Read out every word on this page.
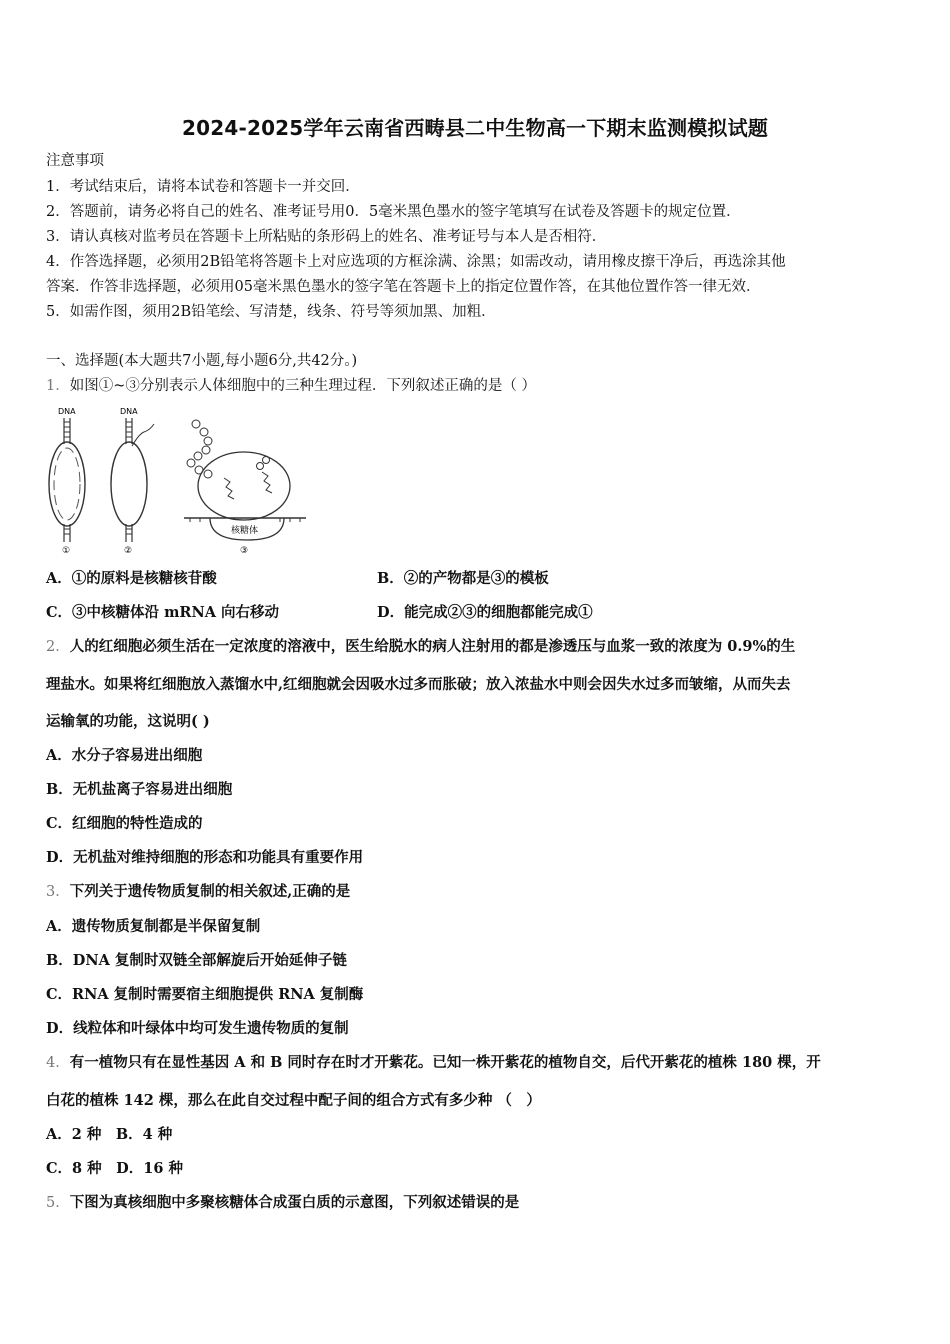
2024-2025学年云南省西畴县二中生物高一下期末监测模拟试题
注意事项
1．考试结束后，请将本试卷和答题卡一并交回．
2．答题前，请务必将自己的姓名、准考证号用0．5毫米黑色墨水的签字笔填写在试卷及答题卡的规定位置．
3．请认真核对监考员在答题卡上所粘贴的条形码上的姓名、准考证号与本人是否相符．
4．作答选择题，必须用2B铅笔将答题卡上对应选项的方框涂满、涂黑；如需改动，请用橡皮擦干净后，再选涂其他
答案．作答非选择题，必须用05毫米黑色墨水的签字笔在答题卡上的指定位置作答，在其他位置作答一律无效．
5．如需作图，须用2B铅笔绘、写清楚，线条、符号等须加黑、加粗．
一、选择题(本大题共7小题,每小题6分,共42分。)
1．如图①~③分别表示人体细胞中的三种生理过程．下列叙述正确的是（ ）
DNA
①
DNA
②
核糖体
③
A．①的原料是核糖核苷酸	B．②的产物都是③的模板
C．③中核糖体沿 mRNA 向右移动	D．能完成②③的细胞都能完成①
2．人的红细胞必须生活在一定浓度的溶液中，医生给脱水的病人注射用的都是渗透压与血浆一致的浓度为 0.9%的生
理盐水。如果将红细胞放入蒸馏水中,红细胞就会因吸水过多而胀破；放入浓盐水中则会因失水过多而皱缩，从而失去
运输氧的功能，这说明( )
A．水分子容易进出细胞
B．无机盐离子容易进出细胞
C．红细胞的特性造成的
D．无机盐对维持细胞的形态和功能具有重要作用
3．下列关于遗传物质复制的相关叙述,正确的是
A．遗传物质复制都是半保留复制
B．DNA 复制时双链全部解旋后开始延伸子链
C．RNA 复制时需要宿主细胞提供 RNA 复制酶
D．线粒体和叶绿体中均可发生遗传物质的复制
4．有一植物只有在显性基因 A 和 B 同时存在时才开紫花。已知一株开紫花的植物自交，后代开紫花的植株 180 棵，开
白花的植株 142 棵，那么在此自交过程中配子间的组合方式有多少种 （　）
A．2 种　B．4 种
C．8 种　D．16 种
5．下图为真核细胞中多聚核糖体合成蛋白质的示意图，下列叙述错误的是
